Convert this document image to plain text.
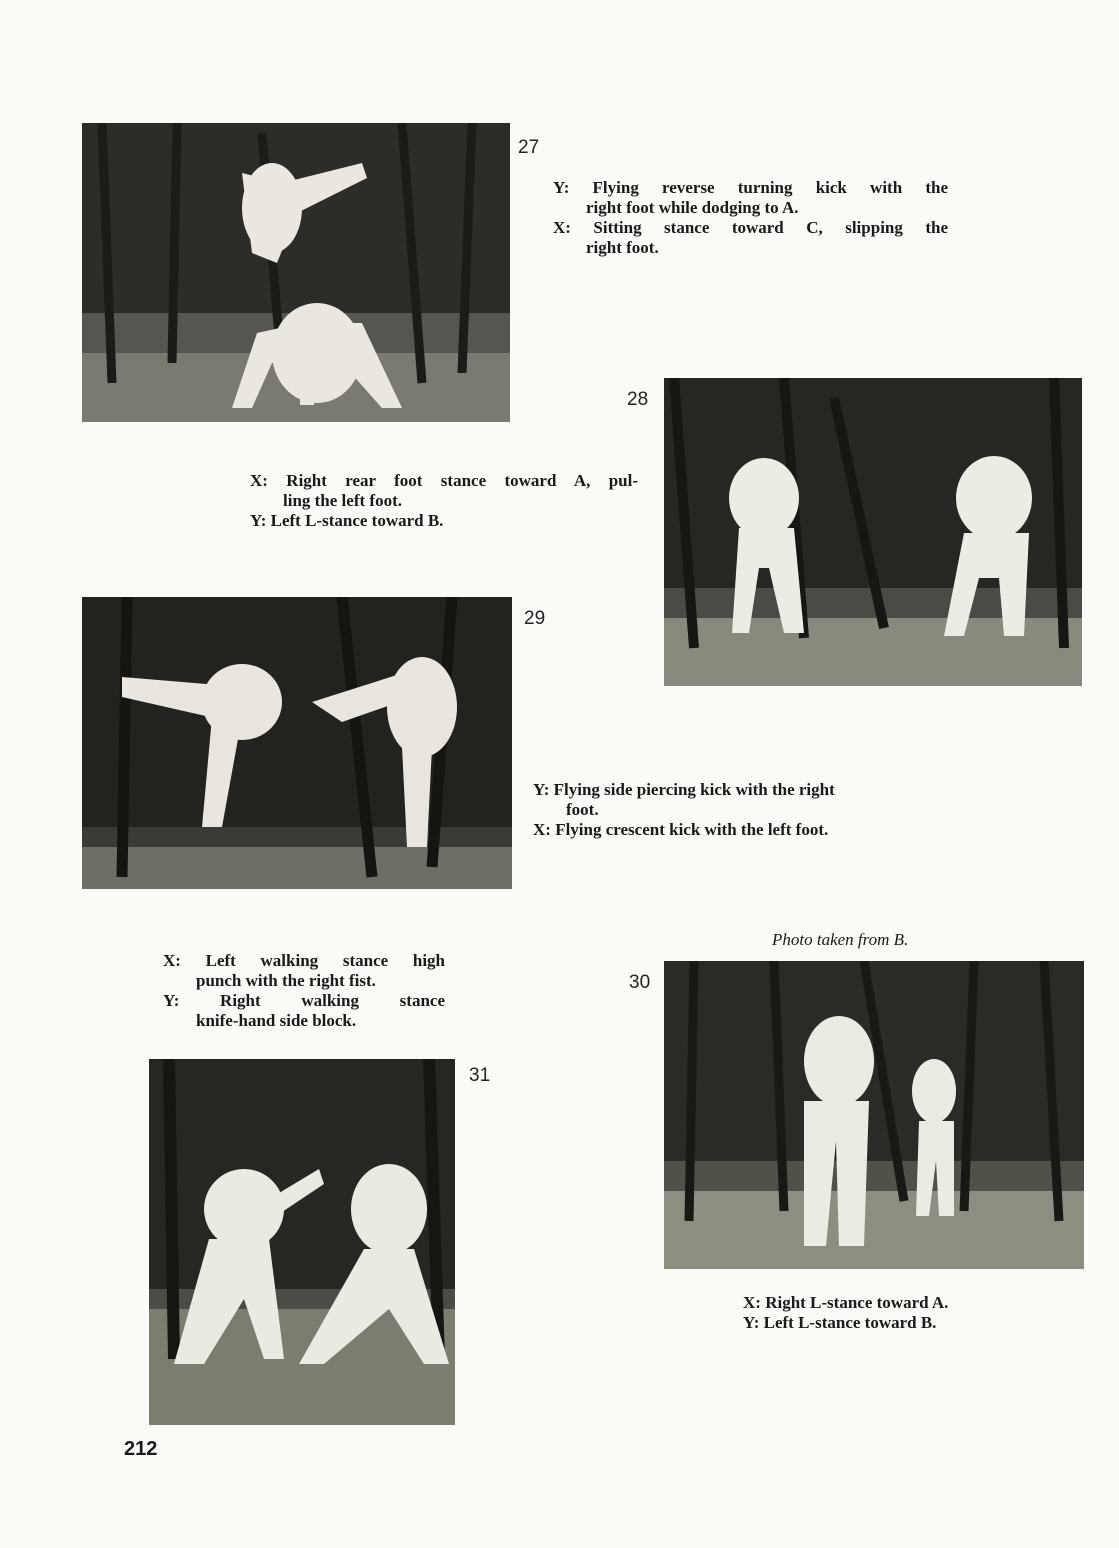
27
Y: Flying reverse turning kick with the
right foot while dodging to A.
X: Sitting stance toward C, slipping the
right foot.
28
X: Right rear foot stance toward A, pul-
ling the left foot.
Y: Left L-stance toward B.
29
Y: Flying side piercing kick with the right
foot.
X: Flying crescent kick with the left foot.
Photo taken from B.
30
X: Right L-stance toward A.
Y: Left L-stance toward B.
X: Left walking stance high
punch with the right fist.
Y: Right walking stance
knife-hand side block.
31
212
